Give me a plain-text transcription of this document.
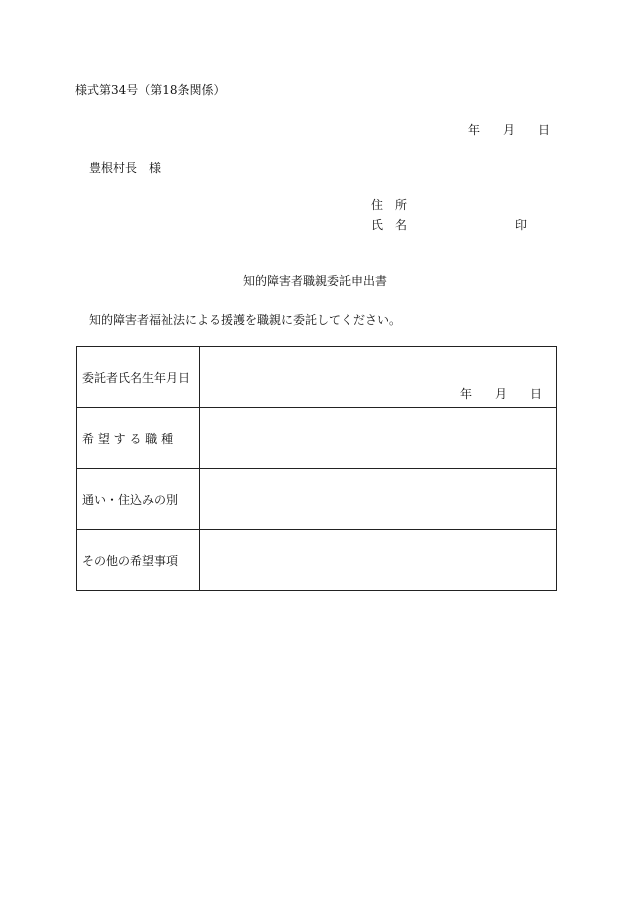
様式第34号（第18条関係）
年 月 日
豊根村長　様
住　所
氏　名	印
知的障害者職親委託申出書

知的障害者福祉法による援護を職親に委託してください。

委託者氏名生年月日	年 月 日

希 望 す る 職 種	
通い・住込みの別	
その他の希望事項	
